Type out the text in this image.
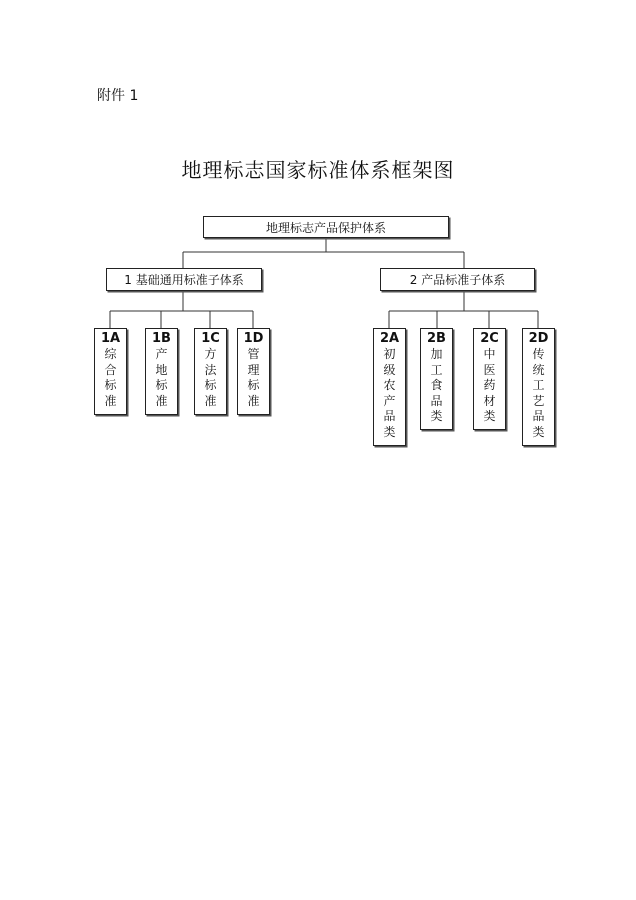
附件 1
地理标志国家标准体系框架图
地理标志产品保护体系
1 基础通用标准子体系	2 产品标准子体系
1A
综合标准
1B
产地标准
1C
方法标准
1D
管理标准
2A
初级农产品类
2B
加工食品类
2C
中医药材类
2D
传统工艺品类
